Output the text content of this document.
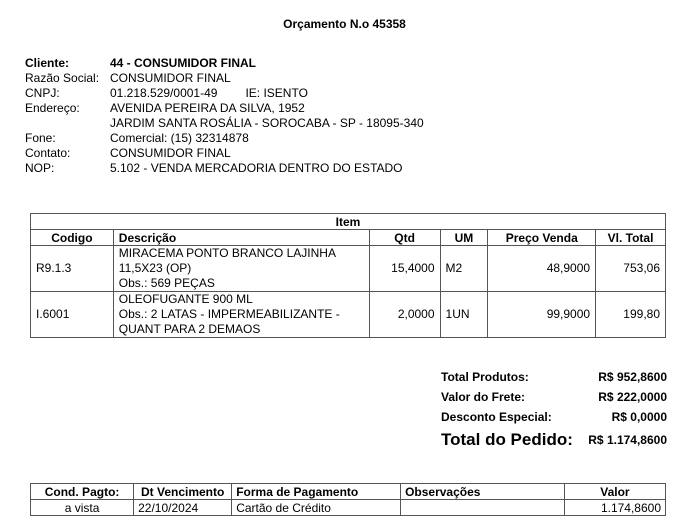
Orçamento N.o 45358
Cliente:	44 - CONSUMIDOR FINAL
Razão Social:	CONSUMIDOR FINAL
CNPJ:	01.218.529/0001-49 IE: ISENTO
Endereço:	AVENIDA PEREIRA DA SILVA, 1952
	JARDIM SANTA ROSÁLIA - SOROCABA - SP - 18095-340
Fone:	Comercial: (15) 32314878
Contato:	CONSUMIDOR FINAL
NOP:	5.102 - VENDA MERCADORIA DENTRO DO ESTADO
Item					
Codigo	Descrição	Qtd	UM	Preço Venda	Vl. Total
R9.1.3	MIRACEMA PONTO BRANCO LAJINHA
11,5X23 (OP)
Obs.: 569 PEÇAS	15,4000	M2	48,9000	753,06
I.6001	OLEOFUGANTE 900 ML
Obs.: 2 LATAS - IMPERMEABILIZANTE -
QUANT PARA 2 DEMAOS	2,0000	1UN	99,9000	199,80
Total Produtos:	R$ 952,8600
Valor do Frete:	R$ 222,0000
Desconto Especial:	R$ 0,0000
Total do Pedido: R$ 1.174,8600
Cond. Pagto:	Dt Vencimento	Forma de Pagamento	Observações	Valor
a vista	22/10/2024	Cartão de Crédito		1.174,8600
